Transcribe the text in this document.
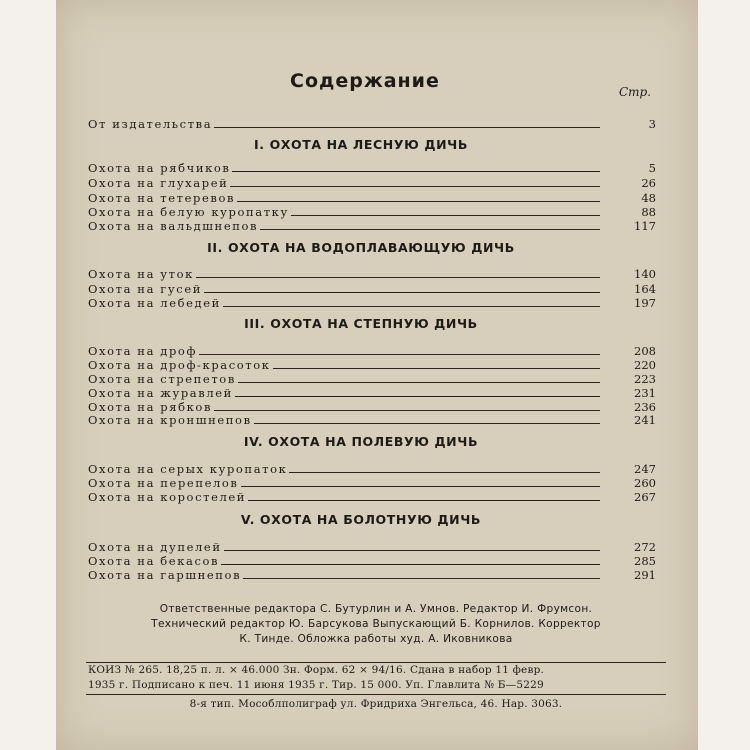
Содержание	Стр.
От издательства	3
I. ОХОТА НА ЛЕСНУЮ ДИЧЬ
Охота на рябчиков	5
Охота на глухарей	26
Охота на тетеревов	48
Охота на белую куропатку	88
Охота на вальдшнепов	117
II. ОХОТА НА ВОДОПЛАВАЮЩУЮ ДИЧЬ
Охота на уток	140
Охота на гусей	164
Охота на лебедей	197
III. ОХОТА НА СТЕПНУЮ ДИЧЬ
Охота на дроф	208
Охота на дроф-красоток	220
Охота на стрепетов	223
Охота на журавлей	231
Охота на рябков	236
Охота на кроншнепов	241
IV. ОХОТА НА ПОЛЕВУЮ ДИЧЬ
Охота на серых куропаток	247
Охота на перепелов	260
Охота на коростелей	267
V. ОХОТА НА БОЛОТНУЮ ДИЧЬ
Охота на дупелей	272
Охота на бекасов	285
Охота на гаршнепов	291
Ответственные редактора С. Бутурлин и А. Умнов. Редактор И. Фрумсон.
Технический редактор Ю. Барсукова Выпускающий Б. Корнилов. Корректор
К. Тинде. Обложка работы худ. А. Иковникова
КОИЗ № 265. 18,25 п. л. × 46.000 Зн. Форм. 62 × 94/16. Сдана в набор 11 февр.
1935 г. Подписано к печ. 11 июня 1935 г. Тир. 15 000. Уп. Главлита № Б—5229
8-я тип. Мособлполиграф ул. Фридриха Энгельса, 46. Нар. 3063.
